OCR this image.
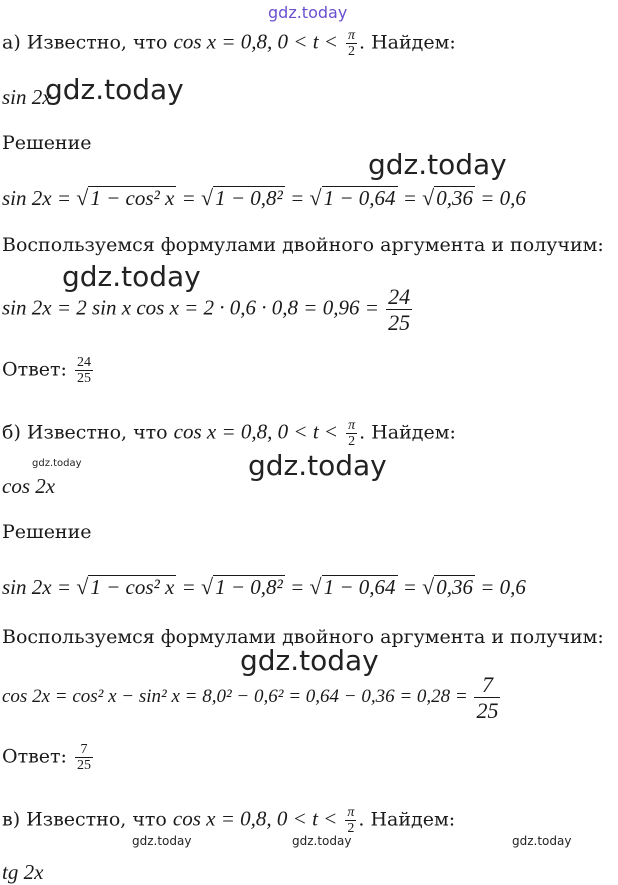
gdz.today
gdz.today
gdz.today
gdz.today
gdz.today	gdz.today
gdz.today
gdz.today	gdz.today	gdz.today
а) Известно, что cos x = 0,8, $0 < t < \frac{\pi}{2}$ . Найдем:
sin 2x
Решение
sin 2x = √1 − cos² x = √1 − 0,8² = √1 − 0,64 = √0,36 = 0,6
Воспользуемся формулами двойного аргумента и получим:
sin 2x = 2 sin x $\cos x = 2 \cdot 0,6 \cdot 0,8 = 0,96 = \frac{24}{25}$
Ответ: $\frac{24}{25}$
б) Известно, что cos x = 0,8, $0 < t < \frac{\pi}{2}$ . Найдем:
cos 2x
Решение
sin 2x = √1 − cos² x = √1 − 0,8² = √1 − 0,64 = √0,36 = 0,6
Воспользуемся формулами двойного аргумента и получим:
cos 2x = cos² x − sin² $x = 8,0^2 - 0,6^2 = 0,64 - 0,36 = 0,28 = \frac{7}{25}$
Ответ: $\frac{7}{25}$
в) Известно, что cos x = 0,8, $0 < t < \frac{\pi}{2}$ . Найдем:
tg 2x
